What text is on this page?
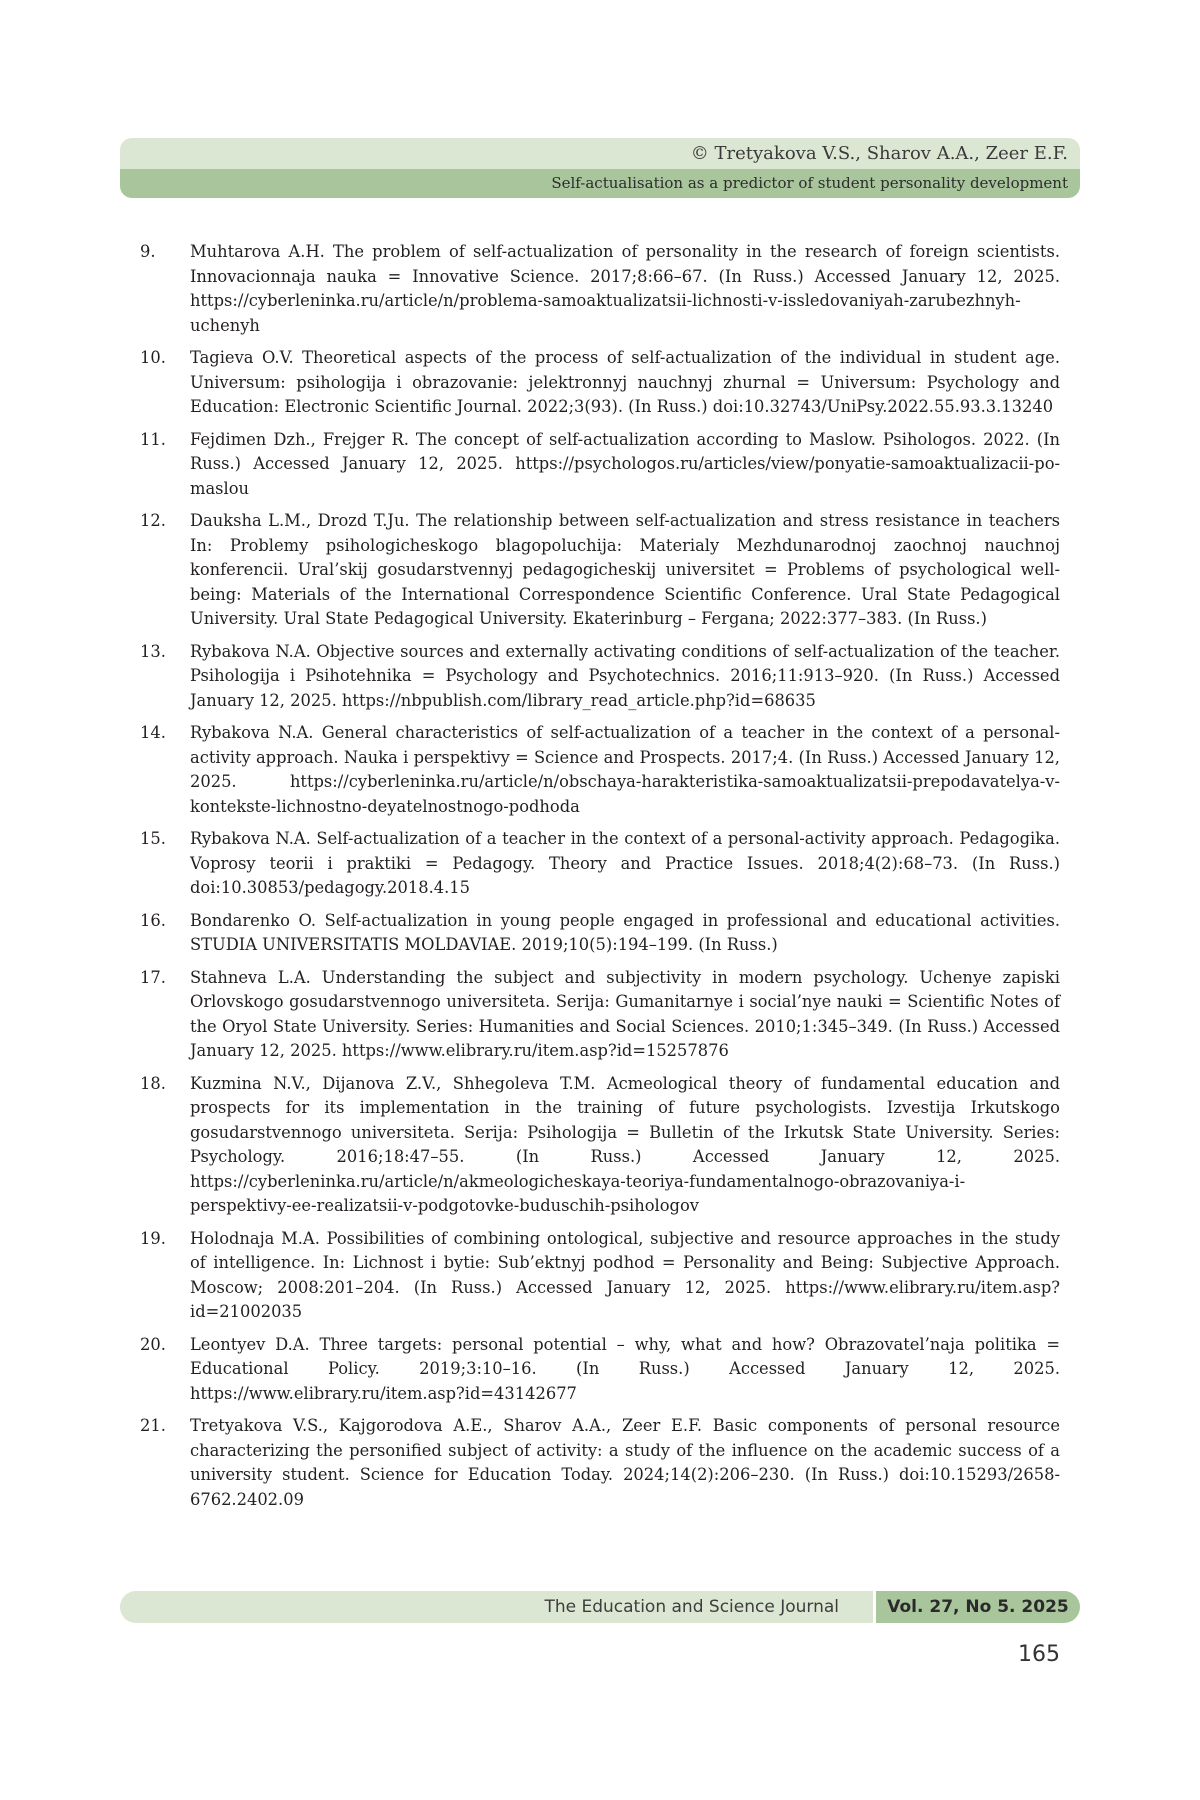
© Tretyakova V.S., Sharov A.A., Zeer E.F.
Self-actualisation as a predictor of student personality development
9.	Muhtarova A.H. The problem of self-actualization of personality in the research of foreign scientists. Innovacionnaja nauka = Innovative Science. 2017;8:66–67. (In Russ.) Accessed January 12, 2025. https://cyberleninka.ru/article/n/problema-samoaktualizatsii-lichnosti-v-issledovaniyah-zarubezhnyh-uchenyh
10.	Tagieva O.V. Theoretical aspects of the process of self-actualization of the individual in student age. Universum: psihologija i obrazovanie: jelektronnyj nauchnyj zhurnal = Universum: Psychology and Education: Electronic Scientific Journal. 2022;3(93). (In Russ.) doi:10.32743/UniPsy.2022.55.93.3.13240
11.	Fejdimen Dzh., Frejger R. The concept of self-actualization according to Maslow. Psihologos. 2022. (In Russ.) Accessed January 12, 2025. https://psychologos.ru/articles/view/ponyatie-samoaktualizacii-po-maslou
12.	Dauksha L.M., Drozd T.Ju. The relationship between self-actualization and stress resistance in teachers In: Problemy psihologicheskogo blagopoluchija: Materialy Mezhdunarodnoj zaochnoj nauchnoj konferencii. Ural’skij gosudarstvennyj pedagogicheskij universitet = Problems of psychological well-being: Materials of the International Correspondence Scientific Conference. Ural State Pedagogical University. Ural State Pedagogical University. Ekaterinburg – Fergana; 2022:377–383. (In Russ.)
13.	Rybakova N.A. Objective sources and externally activating conditions of self-actualization of the teacher. Psihologija i Psihotehnika = Psychology and Psychotechnics. 2016;11:913–920. (In Russ.) Accessed January 12, 2025. https://nbpublish.com/library_read_article.php?id=68635
14.	Rybakova N.A. General characteristics of self-actualization of a teacher in the context of a personal-activity approach. Nauka i perspektivy = Science and Prospects. 2017;4. (In Russ.) Accessed January 12, 2025. https://cyberleninka.ru/article/n/obschaya-harakteristika-samoaktualizatsii-prepodavatelya-v-kontekste-lichnostno-deyatelnostnogo-podhoda
15.	Rybakova N.A. Self-actualization of a teacher in the context of a personal-activity approach. Pedagogika. Voprosy teorii i praktiki = Pedagogy. Theory and Practice Issues. 2018;4(2):68–73. (In Russ.) doi:10.30853/pedagogy.2018.4.15
16.	Bondarenko O. Self-actualization in young people engaged in professional and educational activities. STUDIA UNIVERSITATIS MOLDAVIAE. 2019;10(5):194–199. (In Russ.)
17.	Stahneva L.A. Understanding the subject and subjectivity in modern psychology. Uchenye zapiski Orlovskogo gosudarstvennogo universiteta. Serija: Gumanitarnye i social’nye nauki = Scientific Notes of the Oryol State University. Series: Humanities and Social Sciences. 2010;1:345–349. (In Russ.) Accessed January 12, 2025. https://www.elibrary.ru/item.asp?id=15257876
18.	Kuzmina N.V., Dijanova Z.V., Shhegoleva T.M. Acmeological theory of fundamental education and prospects for its implementation in the training of future psychologists. Izvestija Irkutskogo gosudarstvennogo universiteta. Serija: Psihologija = Bulletin of the Irkutsk State University. Series: Psychology. 2016;18:47–55. (In Russ.) Accessed January 12, 2025. https://cyberleninka.ru/article/n/akmeologicheskaya-teoriya-fundamentalnogo-obrazovaniya-i-perspektivy-ee-realizatsii-v-podgotovke-buduschih-psihologov
19.	Holodnaja M.A. Possibilities of combining ontological, subjective and resource approaches in the study of intelligence. In: Lichnost i bytie: Sub’ektnyj podhod = Personality and Being: Subjective Approach. Moscow; 2008:201–204. (In Russ.) Accessed January 12, 2025. https://www.elibrary.ru/item.asp?id=21002035
20.	Leontyev D.A. Three targets: personal potential – why, what and how? Obrazovatel’naja politika = Educational Policy. 2019;3:10–16. (In Russ.) Accessed January 12, 2025. https://www.elibrary.ru/item.asp?id=43142677
21.	Tretyakova V.S., Kajgorodova A.E., Sharov A.A., Zeer E.F. Basic components of personal resource characterizing the personified subject of activity: a study of the influence on the academic success of a university student. Science for Education Today. 2024;14(2):206–230. (In Russ.) doi:10.15293/2658-6762.2402.09
The Education and Science Journal	Vol. 27, No 5. 2025
165
